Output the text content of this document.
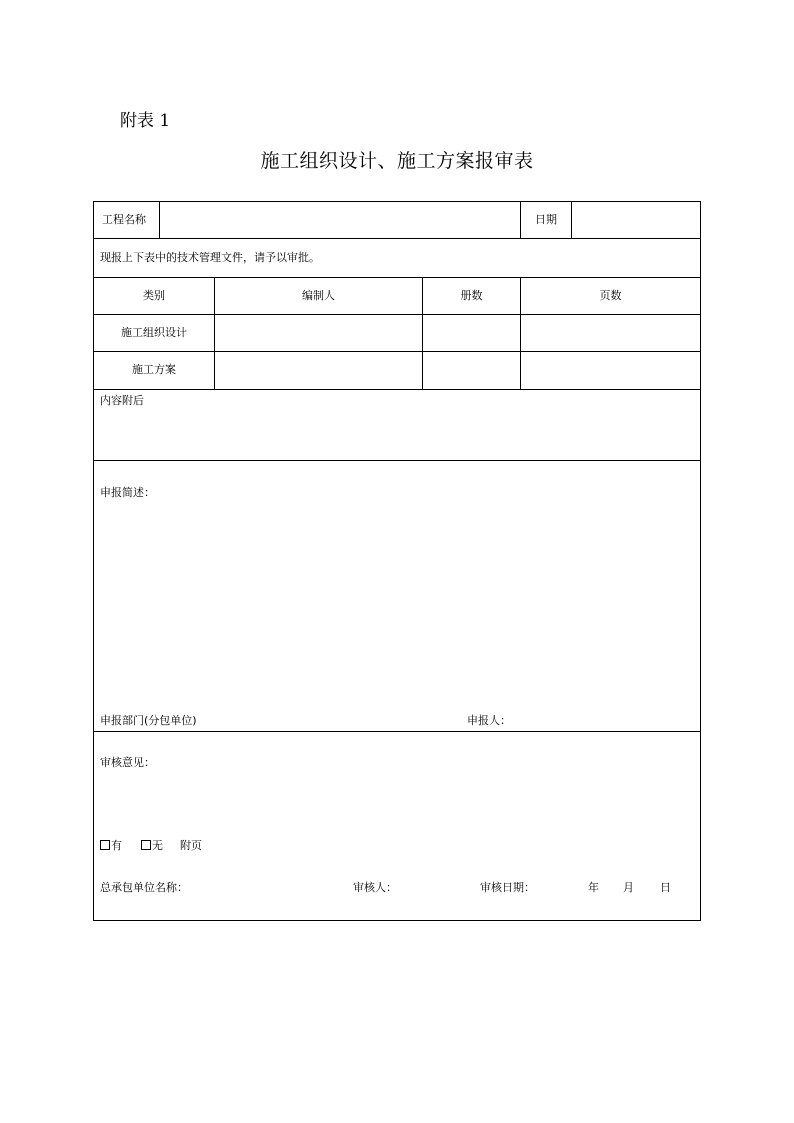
附表 1
施工组织设计、施工方案报审表
工程名称	日期
现报上下表中的技术管理文件，请予以审批。
类别	编制人	册数	页数
施工组织设计
施工方案
内容附后
申报简述：
申报部门(分包单位)	申报人：
审核意见：
有	无 附页
总承包单位名称：	审核人：	审核日期：	年 月 日
